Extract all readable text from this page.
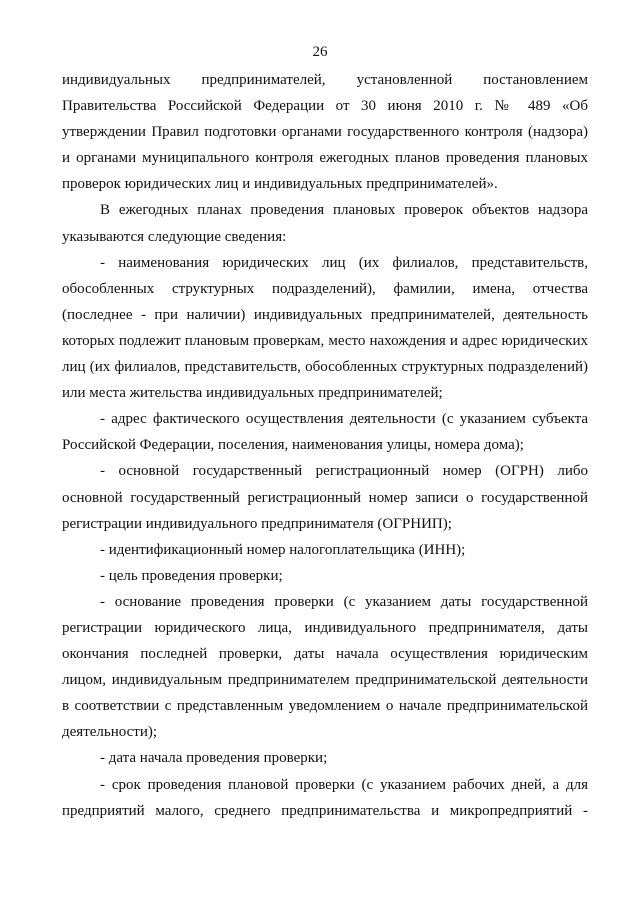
26

индивидуальных предпринимателей, установленной постановлением Правительства Российской Федерации от 30 июня 2010 г. № 489 «Об утверждении Правил подготовки органами государственного контроля (надзора) и органами муниципального контроля ежегодных планов проведения плановых проверок юридических лиц и индивидуальных предпринимателей».

В ежегодных планах проведения плановых проверок объектов надзора указываются следующие сведения:

- наименования юридических лиц (их филиалов, представительств, обособленных структурных подразделений), фамилии, имена, отчества (последнее - при наличии) индивидуальных предпринимателей, деятельность которых подлежит плановым проверкам, место нахождения и адрес юридических лиц (их филиалов, представительств, обособленных структурных подразделений) или места жительства индивидуальных предпринимателей;

- адрес фактического осуществления деятельности (с указанием субъекта Российской Федерации, поселения, наименования улицы, номера дома);

- основной государственный регистрационный номер (ОГРН) либо основной государственный регистрационный номер записи о государственной регистрации индивидуального предпринимателя (ОГРНИП);

- идентификационный номер налогоплательщика (ИНН);

- цель проведения проверки;

- основание проведения проверки (с указанием даты государственной регистрации юридического лица, индивидуального предпринимателя, даты окончания последней проверки, даты начала осуществления юридическим лицом, индивидуальным предпринимателем предпринимательской деятельности в соответствии с представленным уведомлением о начале предпринимательской деятельности);

- дата начала проведения проверки;

- срок проведения плановой проверки (с указанием рабочих дней, а для предприятий малого, среднего предпринимательства и микропредприятий -
